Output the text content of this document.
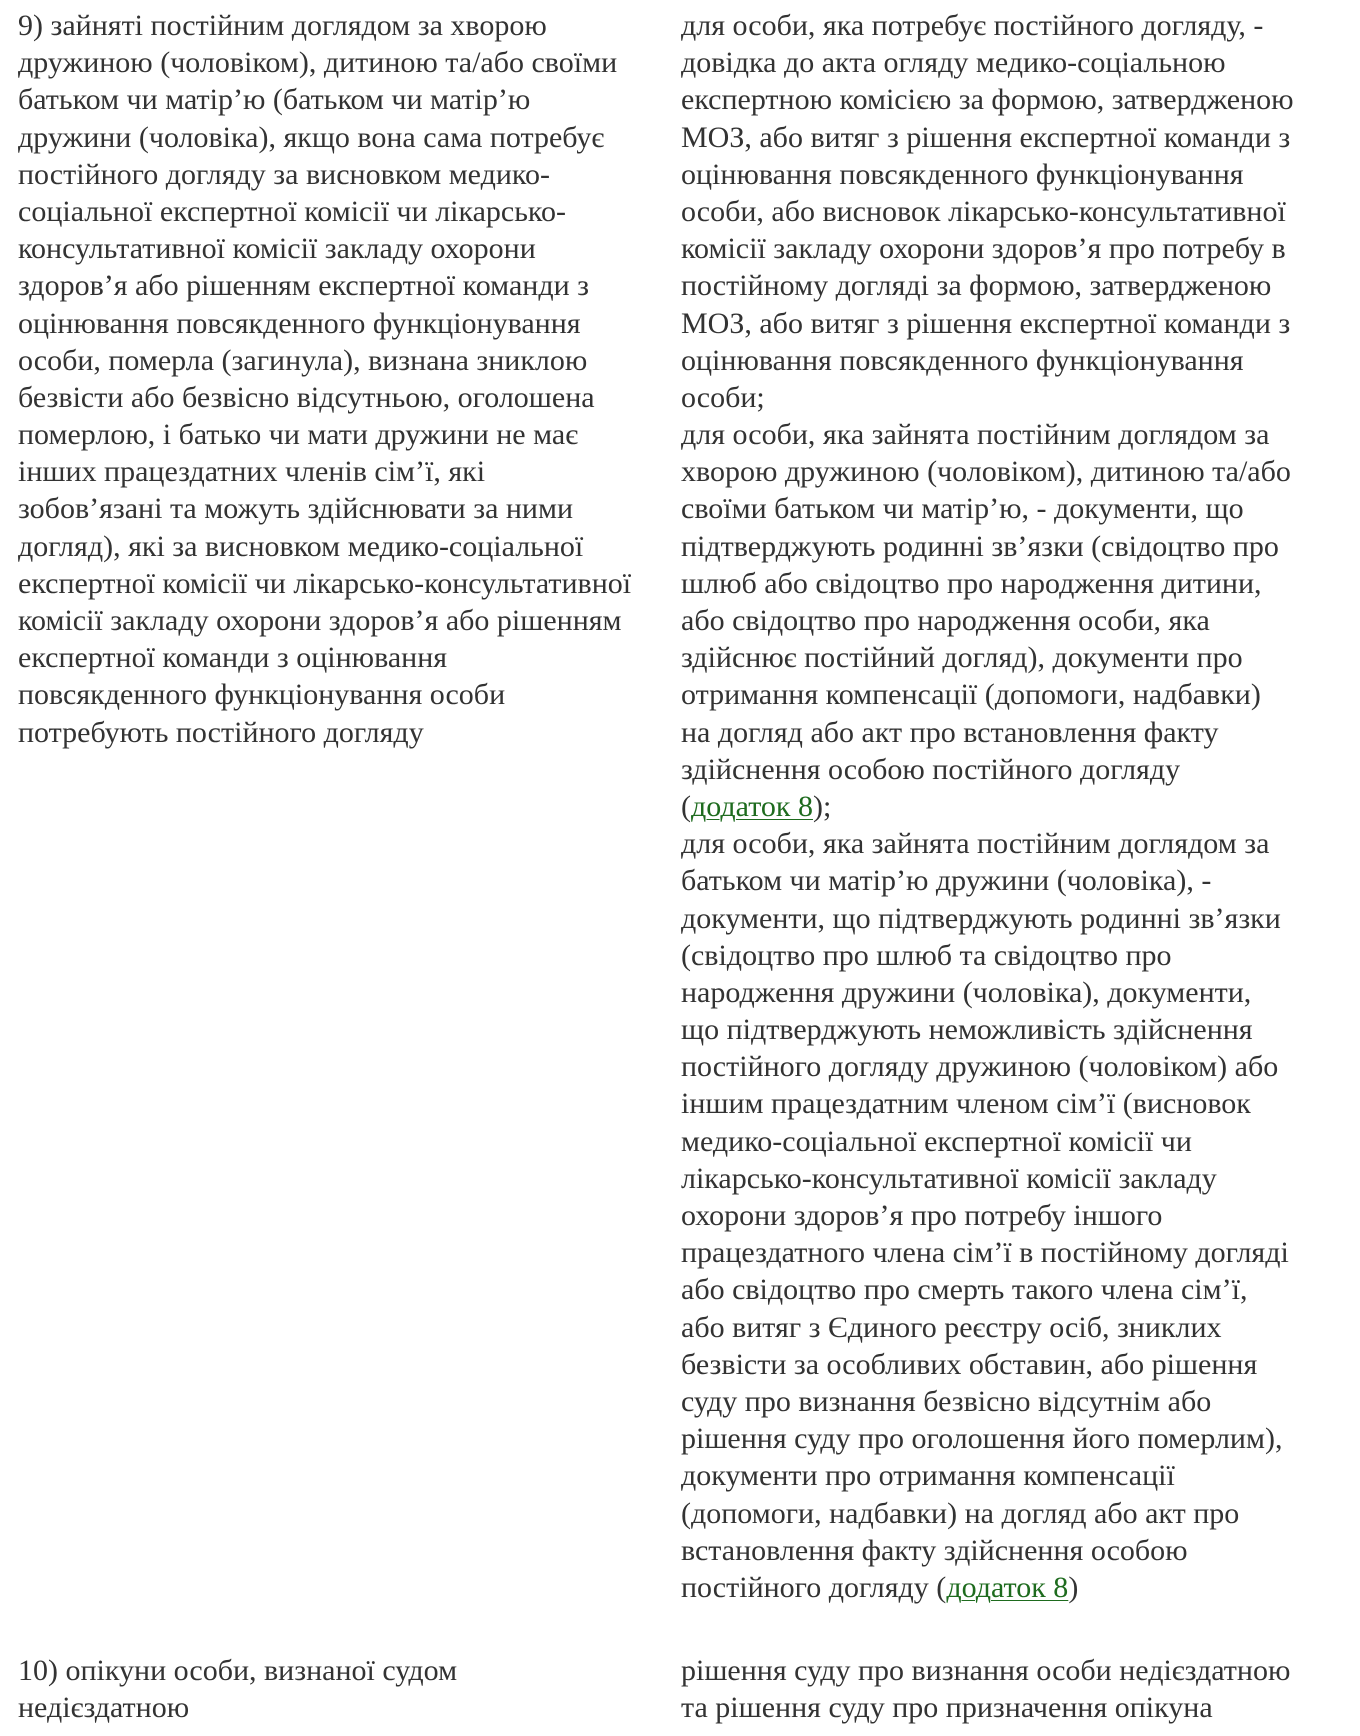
9) зайняті постійним доглядом за хворою
дружиною (чоловіком), дитиною та/або своїми
батьком чи матір’ю (батьком чи матір’ю
дружини (чоловіка), якщо вона сама потребує
постійного догляду за висновком медико-
соціальної експертної комісії чи лікарсько-
консультативної комісії закладу охорони
здоров’я або рішенням експертної команди з
оцінювання повсякденного функціонування
особи, померла (загинула), визнана зниклою
безвісти або безвісно відсутньою, оголошена
померлою, і батько чи мати дружини не має
інших працездатних членів сім’ї, які
зобов’язані та можуть здійснювати за ними
догляд), які за висновком медико-соціальної
експертної комісії чи лікарсько-консультативної
комісії закладу охорони здоров’я або рішенням
експертної команди з оцінювання
повсякденного функціонування особи
потребують постійного догляду
для особи, яка потребує постійного догляду, -
довідка до акта огляду медико-соціальною
експертною комісією за формою, затвердженою
МОЗ, або витяг з рішення експертної команди з
оцінювання повсякденного функціонування
особи, або висновок лікарсько-консультативної
комісії закладу охорони здоров’я про потребу в
постійному догляді за формою, затвердженою
МОЗ, або витяг з рішення експертної команди з
оцінювання повсякденного функціонування
особи;
для особи, яка зайнята постійним доглядом за
хворою дружиною (чоловіком), дитиною та/або
своїми батьком чи матір’ю, - документи, що
підтверджують родинні зв’язки (свідоцтво про
шлюб або свідоцтво про народження дитини,
або свідоцтво про народження особи, яка
здійснює постійний догляд), документи про
отримання компенсації (допомоги, надбавки)
на догляд або акт про встановлення факту
здійснення особою постійного догляду
(додаток 8);
для особи, яка зайнята постійним доглядом за
батьком чи матір’ю дружини (чоловіка), -
документи, що підтверджують родинні зв’язки
(свідоцтво про шлюб та свідоцтво про
народження дружини (чоловіка), документи,
що підтверджують неможливість здійснення
постійного догляду дружиною (чоловіком) або
іншим працездатним членом сім’ї (висновок
медико-соціальної експертної комісії чи
лікарсько-консультативної комісії закладу
охорони здоров’я про потребу іншого
працездатного члена сім’ї в постійному догляді
або свідоцтво про смерть такого члена сім’ї,
або витяг з Єдиного реєстру осіб, зниклих
безвісти за особливих обставин, або рішення
суду про визнання безвісно відсутнім або
рішення суду про оголошення його померлим),
документи про отримання компенсації
(допомоги, надбавки) на догляд або акт про
встановлення факту здійснення особою
постійного догляду (додаток 8)
10) опікуни особи, визнаної судом
недієздатною
рішення суду про визнання особи недієздатною
та рішення суду про призначення опікуна
